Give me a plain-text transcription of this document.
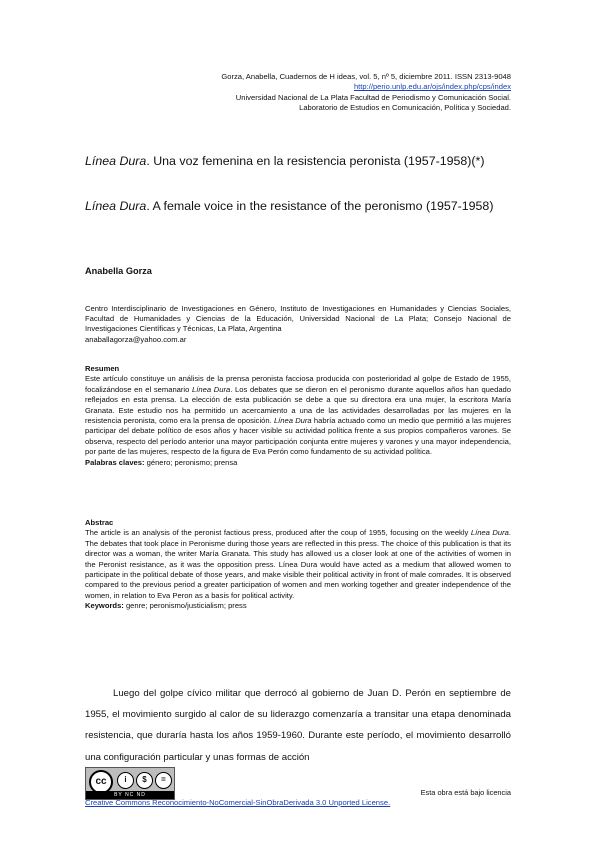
Gorza, Anabella, Cuadernos de H ideas, vol. 5, nº 5, diciembre 2011. ISSN 2313-9048
http://perio.unlp.edu.ar/ojs/index.php/cps/index
Universidad Nacional de La Plata Facultad de Periodismo y Comunicación Social.
Laboratorio de Estudios en Comunicación, Política y Sociedad.
Línea Dura. Una voz femenina en la resistencia peronista (1957-1958)(*)
Línea Dura. A female voice in the resistance of the peronismo (1957-1958)
Anabella Gorza
Centro Interdisciplinario de Investigaciones en Género, Instituto de Investigaciones en Humanidades y Ciencias Sociales, Facultad de Humanidades y Ciencias de la Educación, Universidad Nacional de La Plata; Consejo Nacional de Investigaciones Científicas y Técnicas, La Plata, Argentina
anaballagorza@yahoo.com.ar
Resumen
Este artículo constituye un análisis de la prensa peronista facciosa producida con posterioridad al golpe de Estado de 1955, focalizándose en el semanario Línea Dura. Los debates que se dieron en el peronismo durante aquellos años han quedado reflejados en esta prensa. La elección de esta publicación se debe a que su directora era una mujer, la escritora María Granata. Este estudio nos ha permitido un acercamiento a una de las actividades desarrolladas por las mujeres en la resistencia peronista, como era la prensa de oposición. Línea Dura habría actuado como un medio que permitió a las mujeres participar del debate político de esos años y hacer visible su actividad política frente a sus propios compañeros varones. Se observa, respecto del período anterior una mayor participación conjunta entre mujeres y varones y una mayor independencia, por parte de las mujeres, respecto de la figura de Eva Perón como fundamento de su actividad política.
Palabras claves: género; peronismo; prensa
Abstrac
The article is an analysis of the peronist factious press, produced after the coup of 1955, focusing on the weekly Línea Dura. The debates that took place in Peronisme during those years are reflected in this press. The choice of this publication is that its director was a woman, the writer María Granata. This study has allowed us a closer look at one of the activities of women in the Peronist resistance, as it was the opposition press. Línea Dura would have acted as a medium that allowed women to participate in the political debate of those years, and make visible their political activity in front of male comrades. It is observed compared to the previous period a greater participation of women and men working together and greater independence of the women, in relation to Eva Peron as a basis for political activity.
Keywords: genre; peronismo/justicialism; press

Luego del golpe cívico militar que derrocó al gobierno de Juan D. Perón en septiembre de 1955, el movimiento surgido al calor de su liderazgo comenzaría a transitar una etapa denominada resistencia, que duraría hasta los años 1959-1960. Durante este período, el movimiento desarrolló una configuración particular y unas formas de acción

cc	i	$	=
BY NC ND	Esta obra está bajo licencia
Creative Commons Reconocimiento-NoComercial-SinObraDerivada 3.0 Unported License.
